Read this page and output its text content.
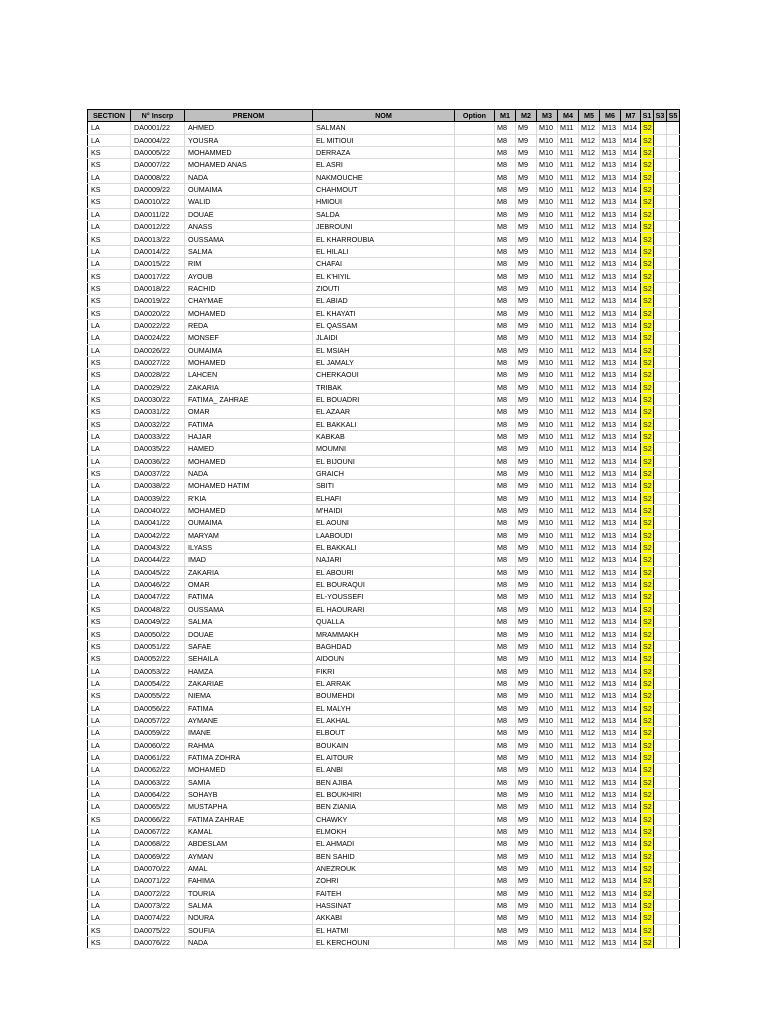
SECTION	N° Inscrp	PRENOM	NOM	Option	M1	M2	M3	M4	M5	M6	M7	S1	S3	S5
LA	DA0001/22	AHMED	SALMAN		M8	M9	M10	M11	M12	M13	M14	S2		
LA	DA0004/22	YOUSRA	EL MITIOUI		M8	M9	M10	M11	M12	M13	M14	S2		
KS	DA0005/22	MOHAMMED	DERRAZA		M8	M9	M10	M11	M12	M13	M14	S2		
KS	DA0007/22	MOHAMED ANAS	EL ASRI		M8	M9	M10	M11	M12	M13	M14	S2		
LA	DA0008/22	NADA	NAKMOUCHE		M8	M9	M10	M11	M12	M13	M14	S2		
KS	DA0009/22	OUMAIMA	CHAHMOUT		M8	M9	M10	M11	M12	M13	M14	S2		
KS	DA0010/22	WALID	HMIOUI		M8	M9	M10	M11	M12	M13	M14	S2		
LA	DA0011/22	DOUAE	SALDA		M8	M9	M10	M11	M12	M13	M14	S2		
LA	DA0012/22	ANASS	JEBROUNI		M8	M9	M10	M11	M12	M13	M14	S2		
KS	DA0013/22	OUSSAMA	EL KHARROUBIA		M8	M9	M10	M11	M12	M13	M14	S2		
LA	DA0014/22	SALMA	EL HILALI		M8	M9	M10	M11	M12	M13	M14	S2		
LA	DA0015/22	RIM	CHAFAI		M8	M9	M10	M11	M12	M13	M14	S2		
KS	DA0017/22	AYOUB	EL K'HIYIL		M8	M9	M10	M11	M12	M13	M14	S2		
KS	DA0018/22	RACHID	ZIOUTI		M8	M9	M10	M11	M12	M13	M14	S2		
KS	DA0019/22	CHAYMAE	EL ABIAD		M8	M9	M10	M11	M12	M13	M14	S2		
KS	DA0020/22	MOHAMED	EL KHAYATI		M8	M9	M10	M11	M12	M13	M14	S2		
LA	DA0022/22	REDA	EL QASSAM		M8	M9	M10	M11	M12	M13	M14	S2		
LA	DA0024/22	MONSEF	JLAIDI		M8	M9	M10	M11	M12	M13	M14	S2		
LA	DA0026/22	OUMAIMA	EL MSIAH		M8	M9	M10	M11	M12	M13	M14	S2		
KS	DA0027/22	MOHAMED	EL JAMALY		M8	M9	M10	M11	M12	M13	M14	S2		
KS	DA0028/22	LAHCEN	CHERKAOUI		M8	M9	M10	M11	M12	M13	M14	S2		
LA	DA0029/22	ZAKARIA	TRIBAK		M8	M9	M10	M11	M12	M13	M14	S2		
KS	DA0030/22	FATIMA_ ZAHRAE	EL BOUADRI		M8	M9	M10	M11	M12	M13	M14	S2		
KS	DA0031/22	OMAR	EL AZAAR		M8	M9	M10	M11	M12	M13	M14	S2		
KS	DA0032/22	FATIMA	EL BAKKALI		M8	M9	M10	M11	M12	M13	M14	S2		
LA	DA0033/22	HAJAR	KABKAB		M8	M9	M10	M11	M12	M13	M14	S2		
LA	DA0035/22	HAMED	MOUMNI		M8	M9	M10	M11	M12	M13	M14	S2		
LA	DA0036/22	MOHAMED	EL BIJOUNI		M8	M9	M10	M11	M12	M13	M14	S2		
KS	DA0037/22	NADA	GRAICH		M8	M9	M10	M11	M12	M13	M14	S2		
LA	DA0038/22	MOHAMED HATIM	SBITI		M8	M9	M10	M11	M12	M13	M14	S2		
LA	DA0039/22	R'KIA	ELHAFI		M8	M9	M10	M11	M12	M13	M14	S2		
LA	DA0040/22	MOHAMED	M'HAIDI		M8	M9	M10	M11	M12	M13	M14	S2		
LA	DA0041/22	OUMAIMA	EL AOUNI		M8	M9	M10	M11	M12	M13	M14	S2		
LA	DA0042/22	MARYAM	LAABOUDI		M8	M9	M10	M11	M12	M13	M14	S2		
LA	DA0043/22	ILYASS	EL BAKKALI		M8	M9	M10	M11	M12	M13	M14	S2		
LA	DA0044/22	IMAD	NAJARI		M8	M9	M10	M11	M12	M13	M14	S2		
LA	DA0045/22	ZAKARIA	EL ABOURI		M8	M9	M10	M11	M12	M13	M14	S2		
LA	DA0046/22	OMAR	EL BOURAQUI		M8	M9	M10	M11	M12	M13	M14	S2		
LA	DA0047/22	FATIMA	EL-YOUSSEFI		M8	M9	M10	M11	M12	M13	M14	S2		
KS	DA0048/22	OUSSAMA	EL HAOURARI		M8	M9	M10	M11	M12	M13	M14	S2		
KS	DA0049/22	SALMA	QUALLA		M8	M9	M10	M11	M12	M13	M14	S2		
KS	DA0050/22	DOUAE	MRAMMAKH		M8	M9	M10	M11	M12	M13	M14	S2		
KS	DA0051/22	SAFAE	BAGHDAD		M8	M9	M10	M11	M12	M13	M14	S2		
KS	DA0052/22	SEHAILA	AIDOUN		M8	M9	M10	M11	M12	M13	M14	S2		
LA	DA0053/22	HAMZA	FIKRI		M8	M9	M10	M11	M12	M13	M14	S2		
LA	DA0054/22	ZAKARIAE	EL ARRAK		M8	M9	M10	M11	M12	M13	M14	S2		
KS	DA0055/22	NIEMA	BOUMEHDI		M8	M9	M10	M11	M12	M13	M14	S2		
LA	DA0056/22	FATIMA	EL MALYH		M8	M9	M10	M11	M12	M13	M14	S2		
LA	DA0057/22	AYMANE	EL AKHAL		M8	M9	M10	M11	M12	M13	M14	S2		
LA	DA0059/22	IMANE	ELBOUT		M8	M9	M10	M11	M12	M13	M14	S2		
LA	DA0060/22	RAHMA	BOUKAIN		M8	M9	M10	M11	M12	M13	M14	S2		
LA	DA0061/22	FATIMA ZOHRA	EL AITOUR		M8	M9	M10	M11	M12	M13	M14	S2		
LA	DA0062/22	MOHAMED	EL ANBI		M8	M9	M10	M11	M12	M13	M14	S2		
LA	DA0063/22	SAMIA	BEN AJIBA		M8	M9	M10	M11	M12	M13	M14	S2		
LA	DA0064/22	SOHAYB	EL BOUKHIRI		M8	M9	M10	M11	M12	M13	M14	S2		
LA	DA0065/22	MUSTAPHA	BEN ZIANIA		M8	M9	M10	M11	M12	M13	M14	S2		
KS	DA0066/22	FATIMA ZAHRAE	CHAWKY		M8	M9	M10	M11	M12	M13	M14	S2		
LA	DA0067/22	KAMAL	ELMOKH		M8	M9	M10	M11	M12	M13	M14	S2		
LA	DA0068/22	ABDESLAM	EL AHMADI		M8	M9	M10	M11	M12	M13	M14	S2		
LA	DA0069/22	AYMAN	BEN SAHID		M8	M9	M10	M11	M12	M13	M14	S2		
LA	DA0070/22	AMAL	ANEZROUK		M8	M9	M10	M11	M12	M13	M14	S2		
LA	DA0071/22	FAHIMA	ZOHRI		M8	M9	M10	M11	M12	M13	M14	S2		
LA	DA0072/22	TOURIA	FAITEH		M8	M9	M10	M11	M12	M13	M14	S2		
LA	DA0073/22	SALMA	HASSINAT		M8	M9	M10	M11	M12	M13	M14	S2		
LA	DA0074/22	NOURA	AKKABI		M8	M9	M10	M11	M12	M13	M14	S2		
KS	DA0075/22	SOUFIA	EL HATMI		M8	M9	M10	M11	M12	M13	M14	S2		
KS	DA0076/22	NADA	EL KERCHOUNI		M8	M9	M10	M11	M12	M13	M14	S2		
